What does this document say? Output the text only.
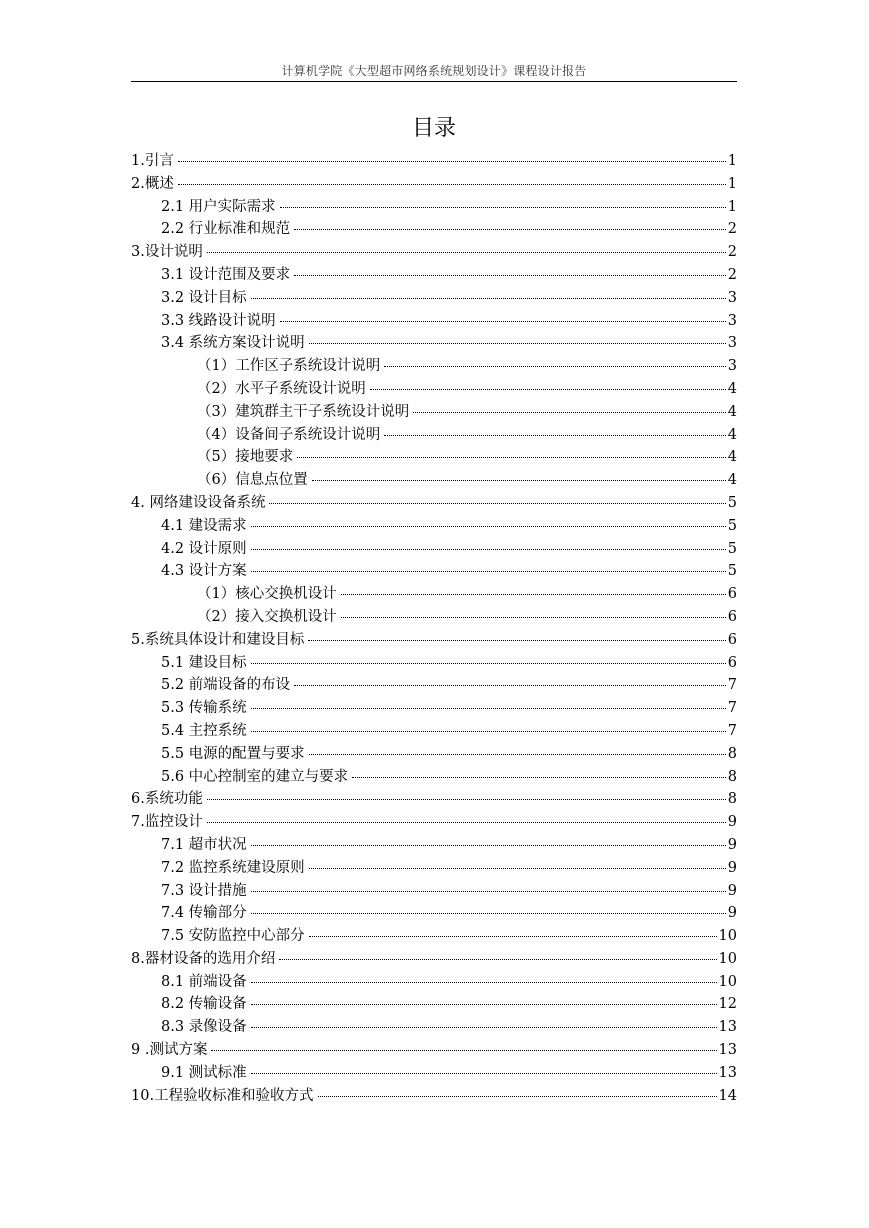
计算机学院《大型超市网络系统规划设计》课程设计报告
目录
1.引言	1
2.概述	1
2.1 用户实际需求	1
2.2 行业标准和规范	2
3.设计说明	2
3.1 设计范围及要求	2
3.2 设计目标	3
3.3 线路设计说明	3
3.4 系统方案设计说明	3
（1）工作区子系统设计说明	3
（2）水平子系统设计说明	4
（3）建筑群主干子系统设计说明	4
（4）设备间子系统设计说明	4
（5）接地要求	4
（6）信息点位置	4
4. 网络建设设备系统	5
4.1 建设需求	5
4.2 设计原则	5
4.3 设计方案	5
（1）核心交换机设计	6
（2）接入交换机设计	6
5.系统具体设计和建设目标	6
5.1 建设目标	6
5.2 前端设备的布设	7
5.3 传输系统	7
5.4 主控系统	7
5.5 电源的配置与要求	8
5.6 中心控制室的建立与要求	8
6.系统功能	8
7.监控设计	9
7.1 超市状况	9
7.2 监控系统建设原则	9
7.3 设计措施	9
7.4 传输部分	9
7.5 安防监控中心部分	10
8.器材设备的选用介绍	10
8.1 前端设备	10
8.2 传输设备	12
8.3 录像设备	13
9 .测试方案	13
9.1 测试标准	13
10.工程验收标准和验收方式	14
